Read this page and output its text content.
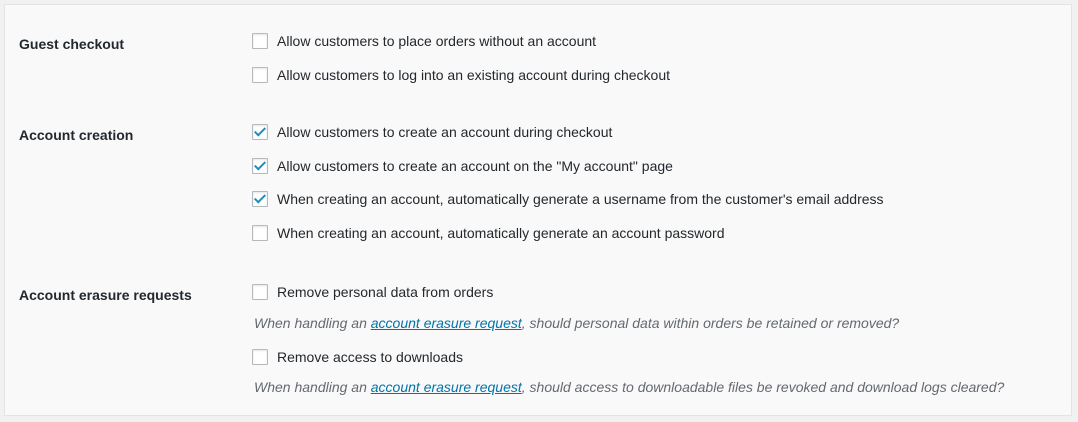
Guest checkout	Allow customers to place orders without an account
Allow customers to log into an existing account during checkout
Account creation	Allow customers to create an account during checkout
Allow customers to create an account on the "My account" page
When creating an account, automatically generate a username from the customer's email address
When creating an account, automatically generate an account password
Account erasure requests	Remove personal data from orders
When handling an account erasure request, should personal data within orders be retained or removed?
Remove access to downloads
When handling an account erasure request, should access to downloadable files be revoked and download logs cleared?
